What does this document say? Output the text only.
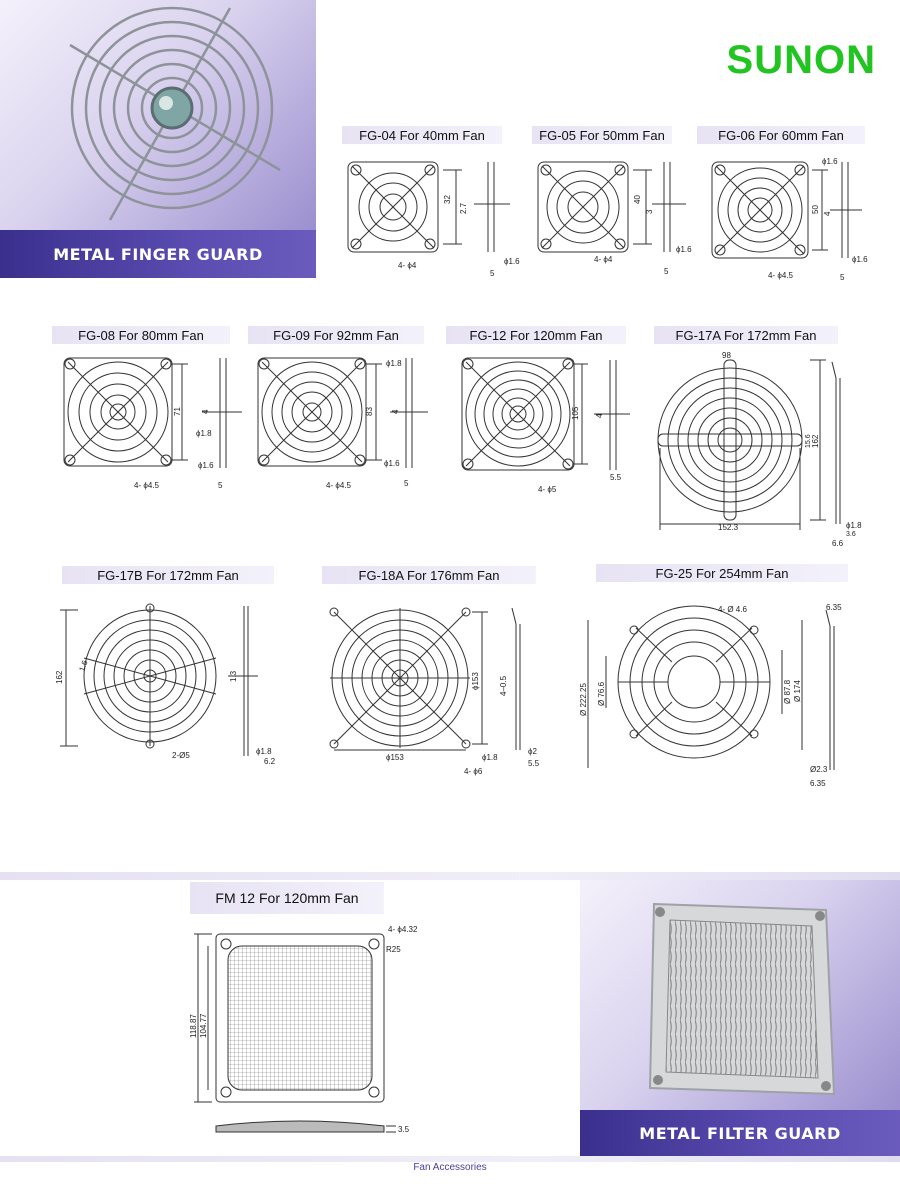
METAL FINGER GUARD
SUNON
FG-04 For 40mm Fan	FG-05 For 50mm Fan	FG-06 For 60mm Fan
32
2.7
4- ϕ4	ϕ1.6
5
40
3
4- ϕ4
ϕ1.6
5
ϕ1.6
50 4
4- ϕ4.5
ϕ1.6
5
FG-08 For 80mm Fan	FG-09 For 92mm Fan	FG-12 For 120mm Fan	FG-17A For 172mm Fan
71 4
ϕ1.8
ϕ1.6
4- ϕ4.5	5
ϕ1.8
83 4
ϕ1.6
4- ϕ4.5	5
105 4
5.5
4- ϕ5
98
162
15.6
152.3	ϕ1.8
3.6
6.6
FG-17B For 172mm Fan	FG-18A For 176mm Fan	FG-25 For 254mm Fan
162
1.6
1.3
2-Ø5	ϕ1.8
6.2
ϕ153 4–0.5
ϕ153	ϕ1.8
ϕ2
5.5
4- ϕ6
4- Ø 4.6	6.35
Ø 222.25 Ø 76.6	Ø 87.8 Ø 174
Ø2.3
6.35
FM 12 For 120mm Fan
4- ϕ4.32
R25
118.87 104.77
3.5	METAL FILTER GUARD
Fan Accessories
